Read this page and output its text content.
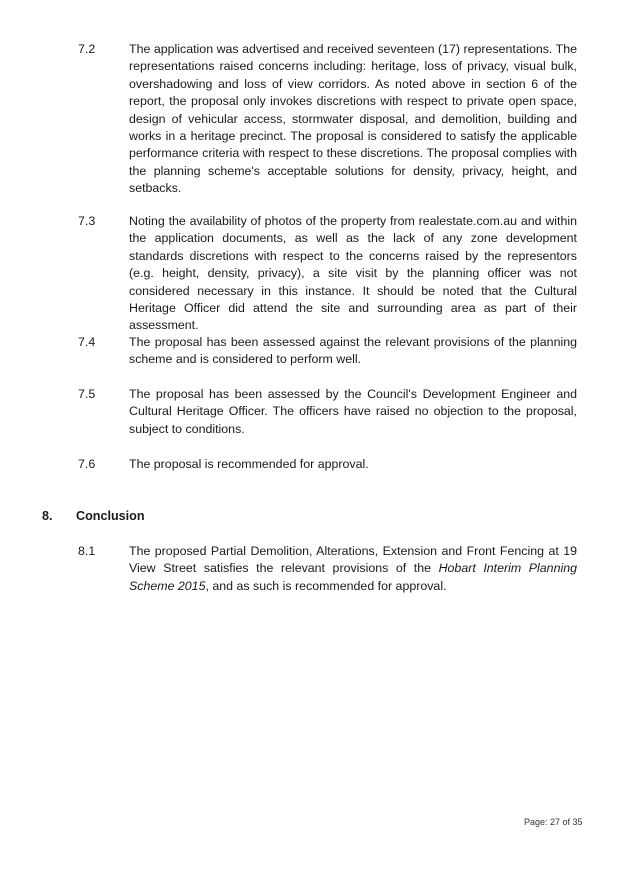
7.2	The application was advertised and received seventeen (17) representations. The representations raised concerns including: heritage, loss of privacy, visual bulk, overshadowing and loss of view corridors. As noted above in section 6 of the report, the proposal only invokes discretions with respect to private open space, design of vehicular access, stormwater disposal, and demolition, building and works in a heritage precinct. The proposal is considered to satisfy the applicable performance criteria with respect to these discretions. The proposal complies with the planning scheme's acceptable solutions for density, privacy, height, and setbacks.
7.3	Noting the availability of photos of the property from realestate.com.au and within the application documents, as well as the lack of any zone development standards discretions with respect to the concerns raised by the representors (e.g. height, density, privacy), a site visit by the planning officer was not considered necessary in this instance. It should be noted that the Cultural Heritage Officer did attend the site and surrounding area as part of their assessment.
7.4	The proposal has been assessed against the relevant provisions of the planning scheme and is considered to perform well.
7.5	The proposal has been assessed by the Council's Development Engineer and Cultural Heritage Officer. The officers have raised no objection to the proposal, subject to conditions.
7.6	The proposal is recommended for approval.
8. Conclusion
8.1	The proposed Partial Demolition, Alterations, Extension and Front Fencing at 19 View Street satisfies the relevant provisions of the Hobart Interim Planning Scheme 2015, and as such is recommended for approval.
Page: 27 of 35
